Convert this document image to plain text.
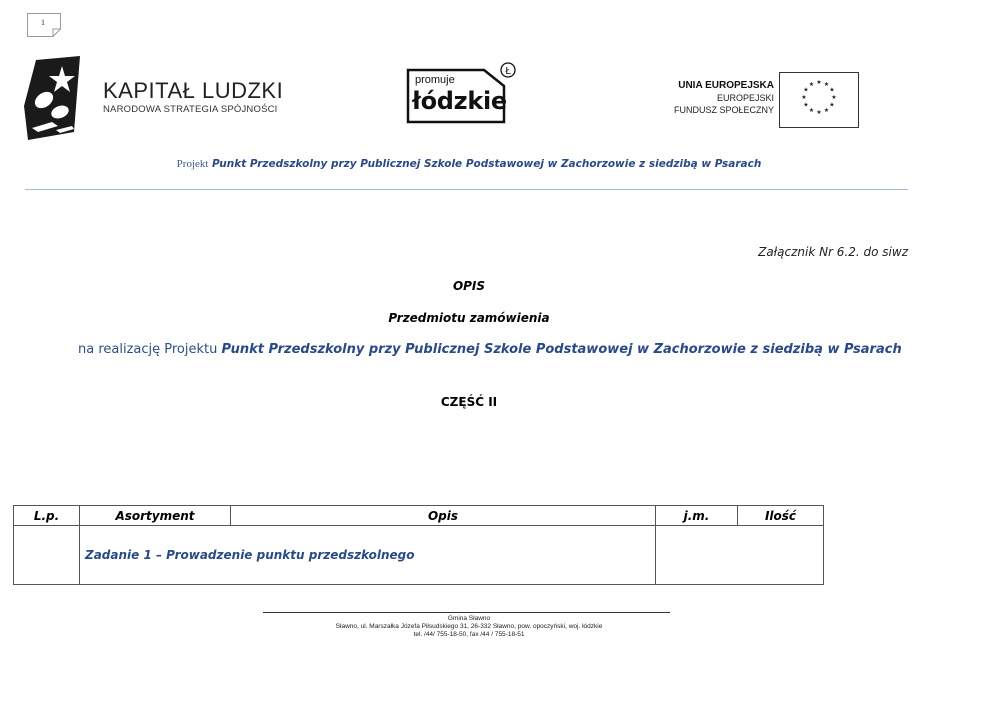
1
KAPITAŁ LUDZKI
NARODOWA STRATEGIA SPÓJNOŚCI
Ł
promuje
łódzkie
UNIA EUROPEJSKA
EUROPEJSKI
FUNDUSZ SPOŁECZNY
★ ★
★
★
★
★
★
★
★
★
★
★
Projekt Punkt Przedszkolny przy Publicznej Szkole Podstawowej w Zachorzowie z siedzibą w Psarach
Załącznik Nr 6.2. do siwz
OPIS
Przedmiotu zamówienia
na realizację Projektu Punkt Przedszkolny przy Publicznej Szkole Podstawowej w Zachorzowie z siedzibą w Psarach
CZĘŚĆ II
L.p.	Asortyment	Opis	j.m.	Ilość
	Zadanie 1 – Prowadzenie punktu przedszkolnego			
Gmina Sławno
Sławno, ul. Marszałka Józefa Piłsudskiego 31, 26-332 Sławno, pow. opoczyński, woj. łódzkie
tel. /44/ 755-18-50, fax /44 / 755-18-51
